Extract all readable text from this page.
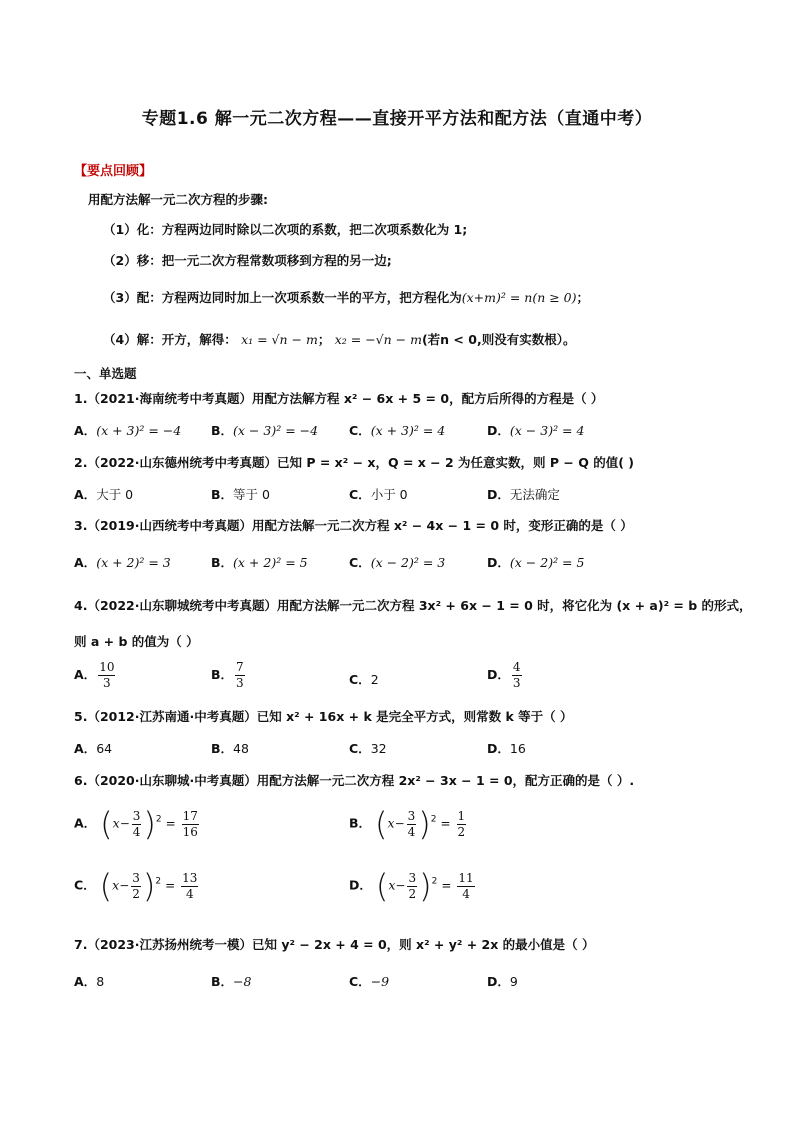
专题1.6 解一元二次方程——直接开平方法和配方法（直通中考）
【要点回顾】
用配方法解一元二次方程的步骤:
（1）化：方程两边同时除以二次项的系数，把二次项系数化为 1;
（2）移：把一元二次方程常数项移到方程的另一边;
（3）配：方程两边同时加上一次项系数一半的平方，把方程化为(x+m)² = n(n ≥ 0)；
（4）解：开方，解得： x₁ = √n − m； x₂ = −√n − m(若n < 0,则没有实数根）。
一、单选题
1.（2021·海南统考中考真题）用配方法解方程 x² − 6x + 5 = 0，配方后所得的方程是（ ）
A．(x + 3)² = −4 B．(x − 3)² = −4 C．(x + 3)² = 4	D．(x − 3)² = 4
2.（2022·山东德州统考中考真题）已知 P = x² − x，Q = x − 2 为任意实数，则 P − Q 的值( )
A．大于 0	B．等于 0	C．小于 0	D．无法确定
3.（2019·山西统考中考真题）用配方法解一元二次方程 x² − 4x − 1 = 0 时，变形正确的是（ ）
A．(x + 2)² = 3	B．(x + 2)² = 5	C．(x − 2)² = 3	D．(x − 2)² = 5
4.（2022·山东聊城统考中考真题）用配方法解一元二次方程 3x² + 6x − 1 = 0 时，将它化为 (x + a)² = b 的形式，
则 a + b 的值为（ ）
A． $\frac{10}{3}$	B． $\frac{7}{3}$	C．2	D． $\frac{4}{3}$
5.（2012·江苏南通·中考真题）已知 x² + 16x + k 是完全平方式，则常数 k 等于（ ）
A．64	B．48	C．32	D．16
6.（2020·山东聊城·中考真题）用配方法解一元二次方程 2x² − 3x − 1 = 0，配方正确的是（ ）.
A． $(x- \frac{3}{4} )^2 = \frac{17}{16}$	B． $(x- \frac{3}{4} )^2 = \frac{1}{2}$
C． $(x- \frac{3}{2} )^2 = \frac{13}{4}$	D． $(x- \frac{3}{2} )^2 = \frac{11}{4}$
7.（2023·江苏扬州统考一模）已知 y² − 2x + 4 = 0，则 x² + y² + 2x 的最小值是（ ）
A．8	B．−8	C．−9	D．9
